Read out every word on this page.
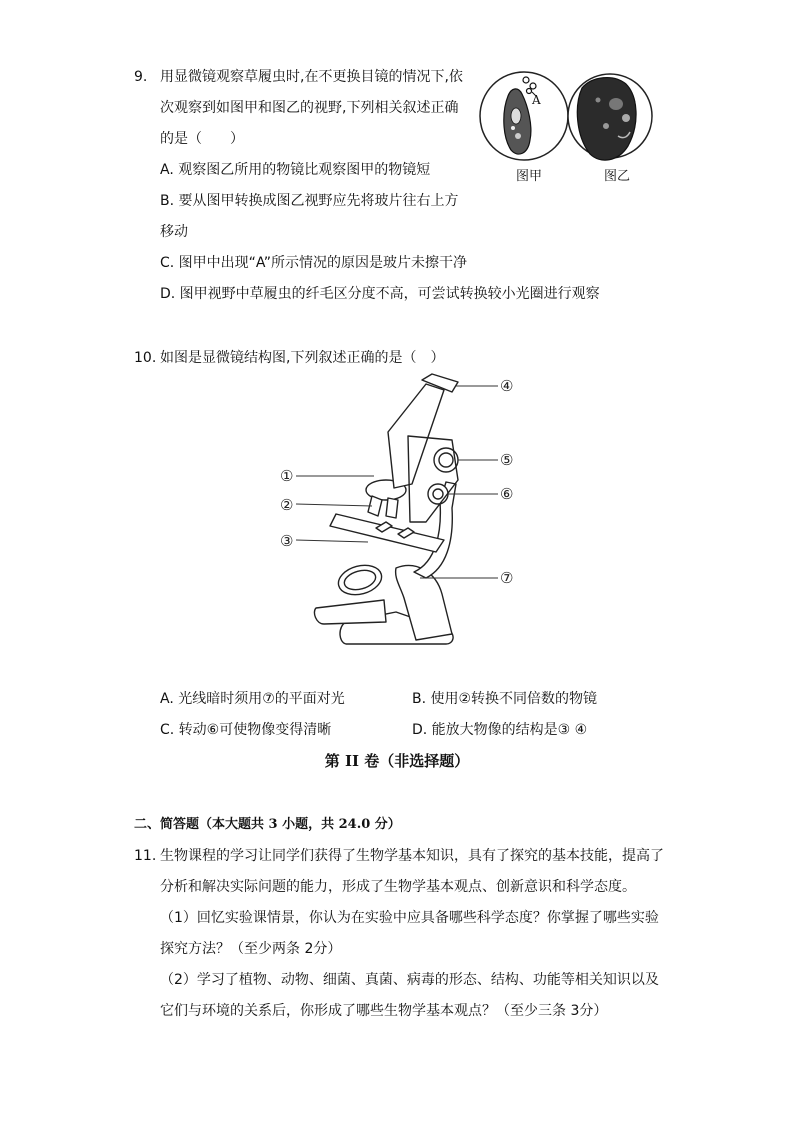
9. 用显微镜观察草履虫时,在不更换目镜的情况下,依
次观察到如图甲和图乙的视野,下列相关叙述正确
的是（　　）
A. 观察图乙所用的物镜比观察图甲的物镜短
B. 要从图甲转换成图乙视野应先将玻片往右上方
移动
C. 图甲中出现“A”所示情况的原因是玻片未擦干净
D. 图甲视野中草履虫的纤毛区分度不高，可尝试转换较小光圈进行观察
A
图甲	图乙
10. 如图是显微镜结构图,下列叙述正确的是（　）
①
②
③
④
⑤
⑥
⑦
A. 光线暗时须用⑦的平面对光	B. 使用②转换不同倍数的物镜
C. 转动⑥可使物像变得清晰	D. 能放大物像的结构是③ ④
第 II 卷（非选择题）
二、简答题（本大题共 3 小题，共 24.0 分）
11. 生物课程的学习让同学们获得了生物学基本知识，具有了探究的基本技能，提高了
分析和解决实际问题的能力，形成了生物学基本观点、创新意识和科学态度。
（1）回忆实验课情景，你认为在实验中应具备哪些科学态度？你掌握了哪些实验
探究方法？（至少两条 2分）
（2）学习了植物、动物、细菌、真菌、病毒的形态、结构、功能等相关知识以及
它们与环境的关系后，你形成了哪些生物学基本观点？（至少三条 3分）
